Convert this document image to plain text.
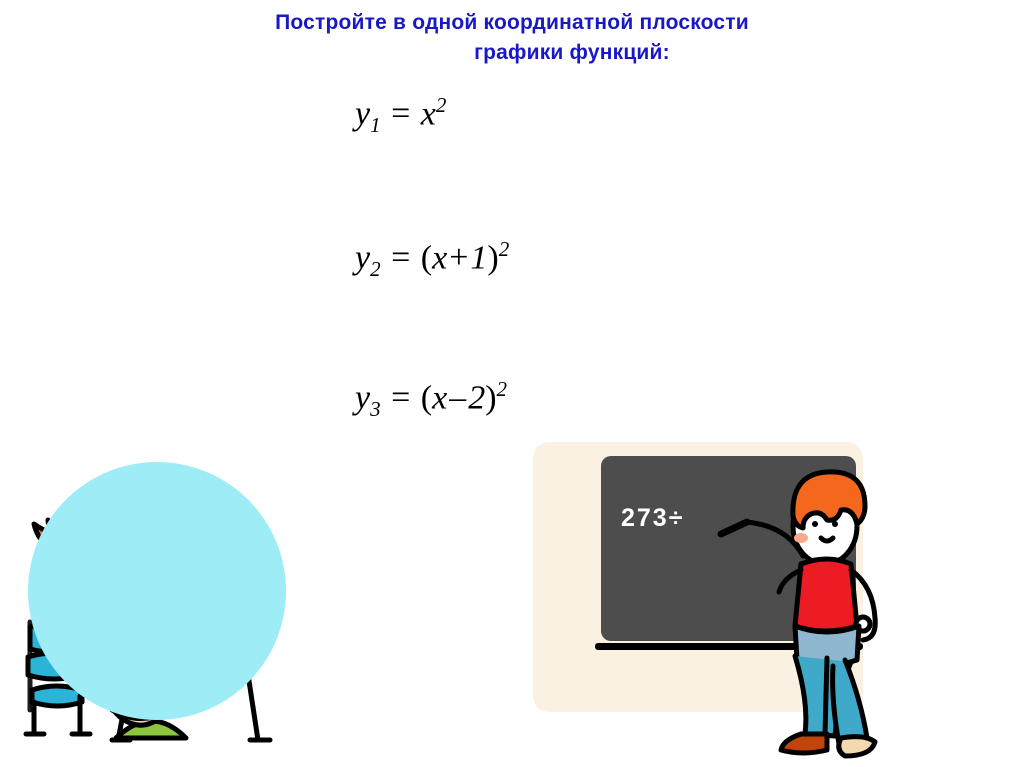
Постройте в одной координатной плоскости
графики функций:
$y_1 = x^2$
$y_2 = (x+1)^2$
$y_3 = (x-2)^2$
273÷
